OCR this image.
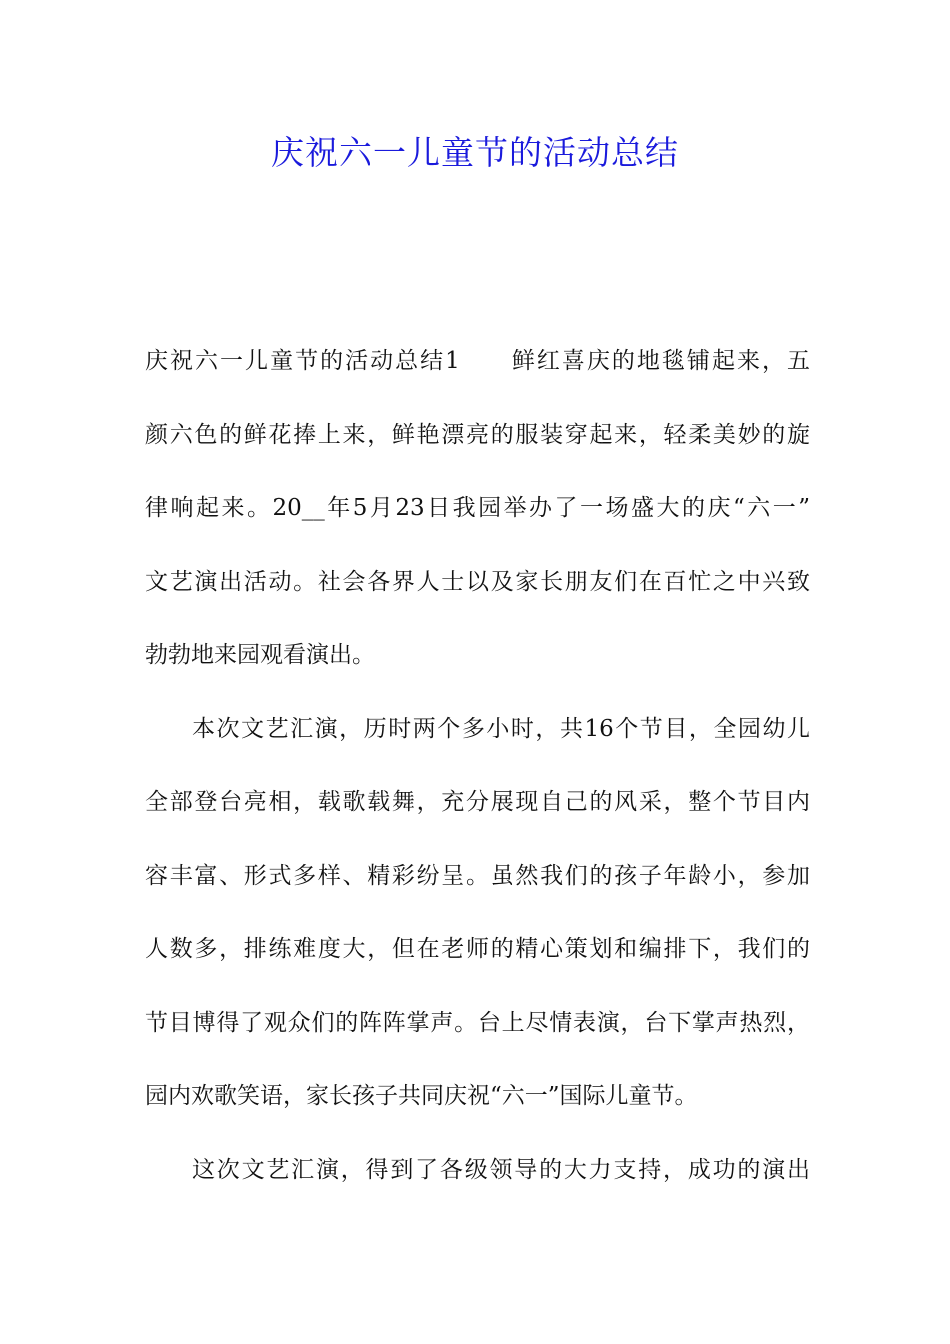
庆祝六一儿童节的活动总结
庆祝六一儿童节的活动总结1　　鲜红喜庆的地毯铺起来，五
颜六色的鲜花捧上来，鲜艳漂亮的服装穿起来，轻柔美妙的旋
律响起来。20__年5月23日我园举办了一场盛大的庆“六一”
文艺演出活动。社会各界人士以及家长朋友们在百忙之中兴致
勃勃地来园观看演出。
本次文艺汇演，历时两个多小时，共16个节目，全园幼儿
全部登台亮相，载歌载舞，充分展现自己的风采，整个节目内
容丰富、形式多样、精彩纷呈。虽然我们的孩子年龄小，参加
人数多，排练难度大，但在老师的精心策划和编排下，我们的
节目博得了观众们的阵阵掌声。台上尽情表演，台下掌声热烈，
园内欢歌笑语，家长孩子共同庆祝“六一”国际儿童节。
这次文艺汇演，得到了各级领导的大力支持，成功的演出
